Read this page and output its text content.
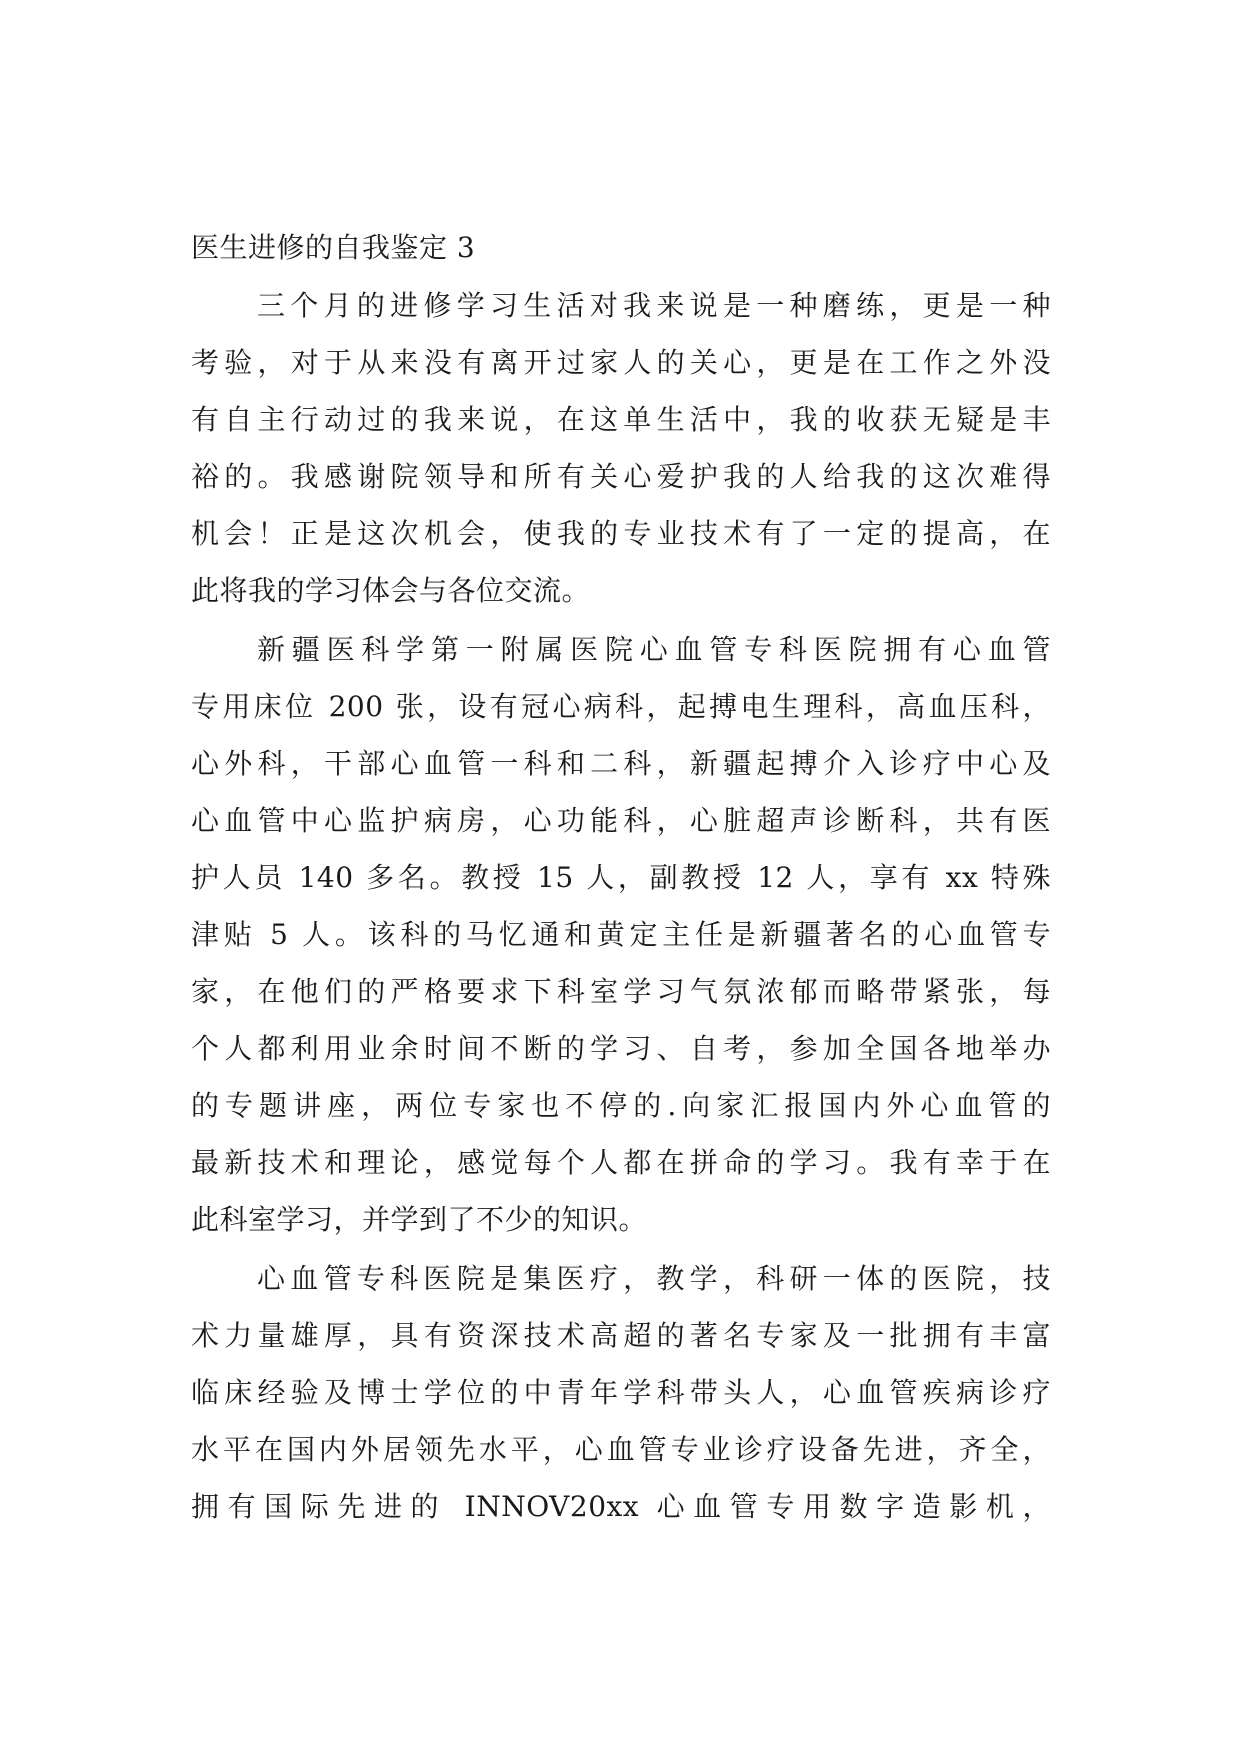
医生进修的自我鉴定 3
三个月的进修学习生活对我来说是一种磨练，更是一种
考验，对于从来没有离开过家人的关心，更是在工作之外没
有自主行动过的我来说，在这单生活中，我的收获无疑是丰
裕的。我感谢院领导和所有关心爱护我的人给我的这次难得
机会！正是这次机会，使我的专业技术有了一定的提高，在
此将我的学习体会与各位交流。
新疆医科学第一附属医院心血管专科医院拥有心血管
专用床位 200 张，设有冠心病科，起搏电生理科，高血压科，
心外科，干部心血管一科和二科，新疆起搏介入诊疗中心及
心血管中心监护病房，心功能科，心脏超声诊断科，共有医
护人员 140 多名。教授 15 人，副教授 12 人，享有 xx 特殊
津贴 5 人。该科的马忆通和黄定主任是新疆著名的心血管专
家，在他们的严格要求下科室学习气氛浓郁而略带紧张，每
个人都利用业余时间不断的学习、自考，参加全国各地举办
的专题讲座，两位专家也不停的.向家汇报国内外心血管的
最新技术和理论，感觉每个人都在拼命的学习。我有幸于在
此科室学习，并学到了不少的知识。
心血管专科医院是集医疗，教学，科研一体的医院，技
术力量雄厚，具有资深技术高超的著名专家及一批拥有丰富
临床经验及博士学位的中青年学科带头人，心血管疾病诊疗
水平在国内外居领先水平，心血管专业诊疗设备先进，齐全，
拥有国际先进的 INNOV20xx 心血管专用数字造影机，
